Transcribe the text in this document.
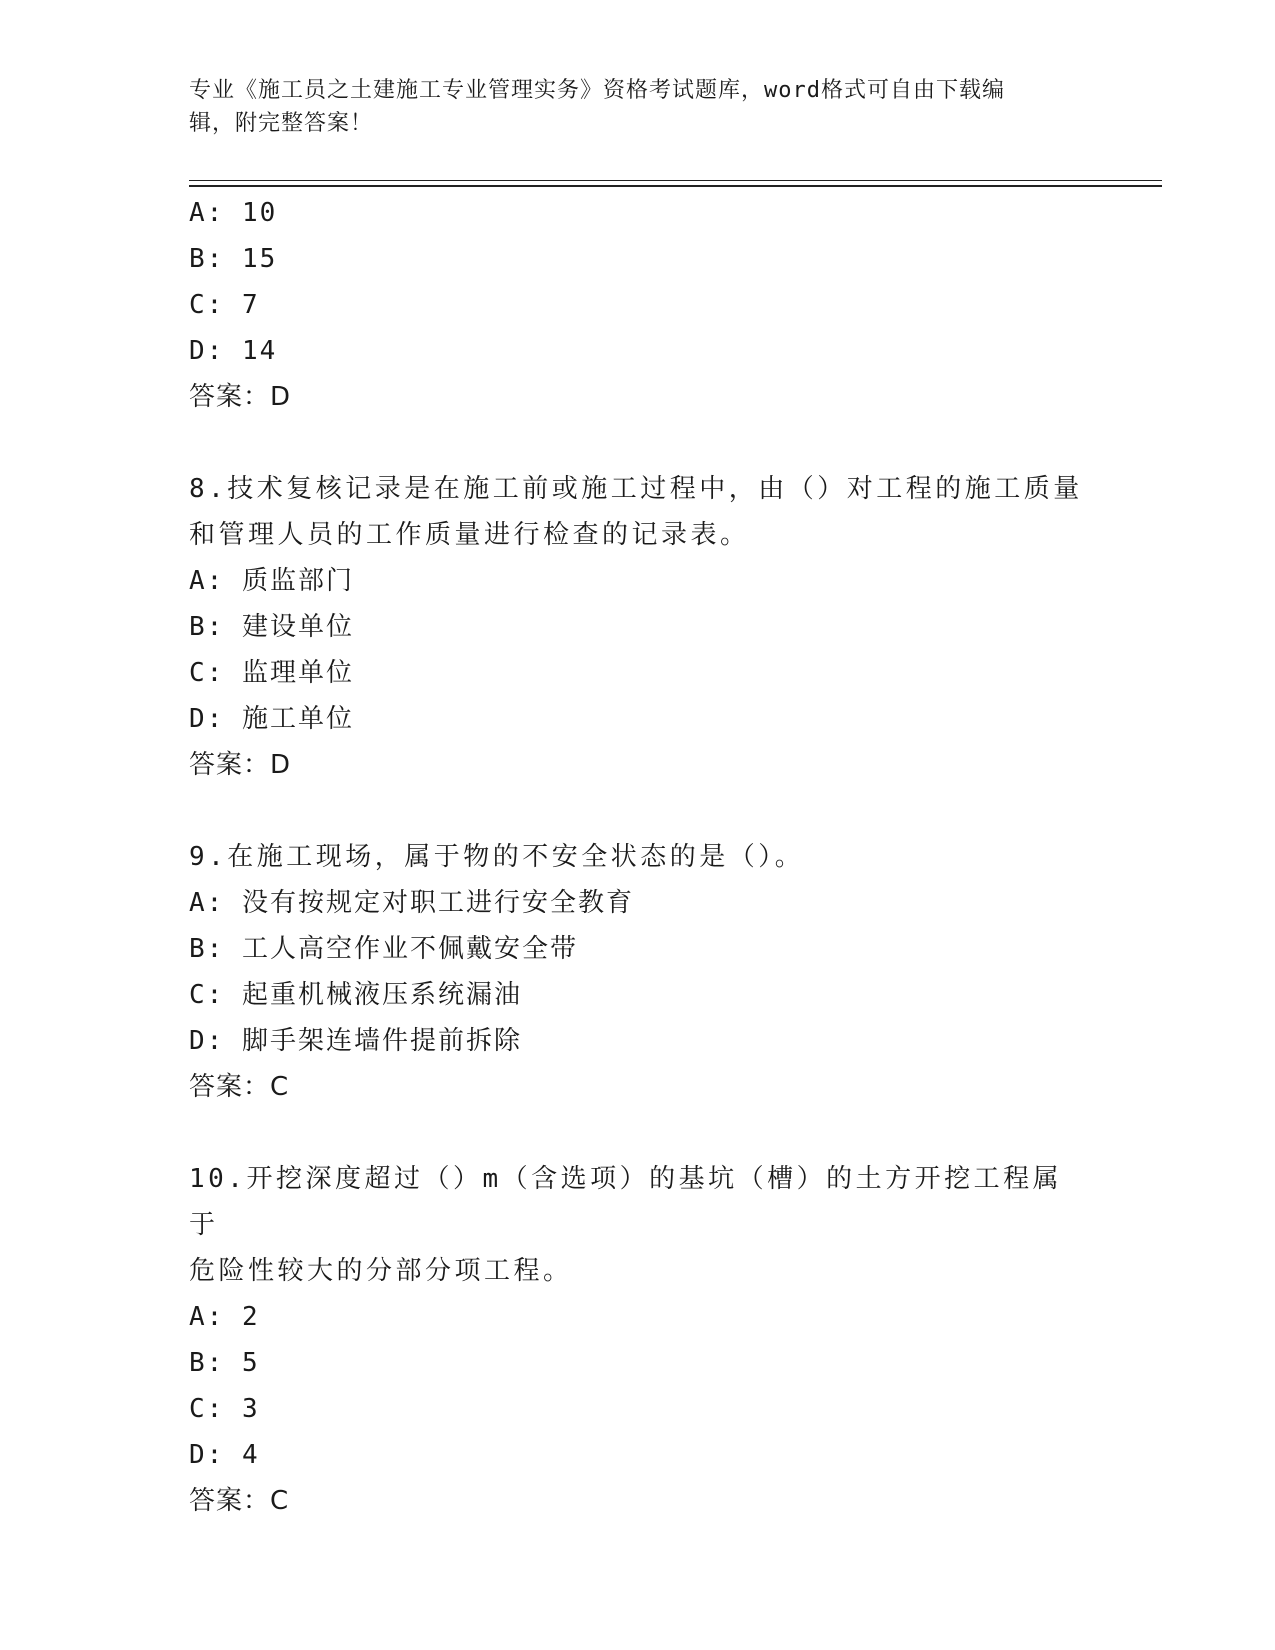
专业《施工员之土建施工专业管理实务》资格考试题库，word格式可自由下载编
辑，附完整答案！
A: 10
B: 15
C: 7
D: 14
答案：D
8.技术复核记录是在施工前或施工过程中，由（）对工程的施工质量
和管理人员的工作质量进行检查的记录表。
A: 质监部门
B: 建设单位
C: 监理单位
D: 施工单位
答案：D
9.在施工现场，属于物的不安全状态的是（）。
A: 没有按规定对职工进行安全教育
B: 工人高空作业不佩戴安全带
C: 起重机械液压系统漏油
D: 脚手架连墙件提前拆除
答案：C
10.开挖深度超过（）m（含选项）的基坑（槽）的土方开挖工程属于
危险性较大的分部分项工程。
A: 2
B: 5
C: 3
D: 4
答案：C
